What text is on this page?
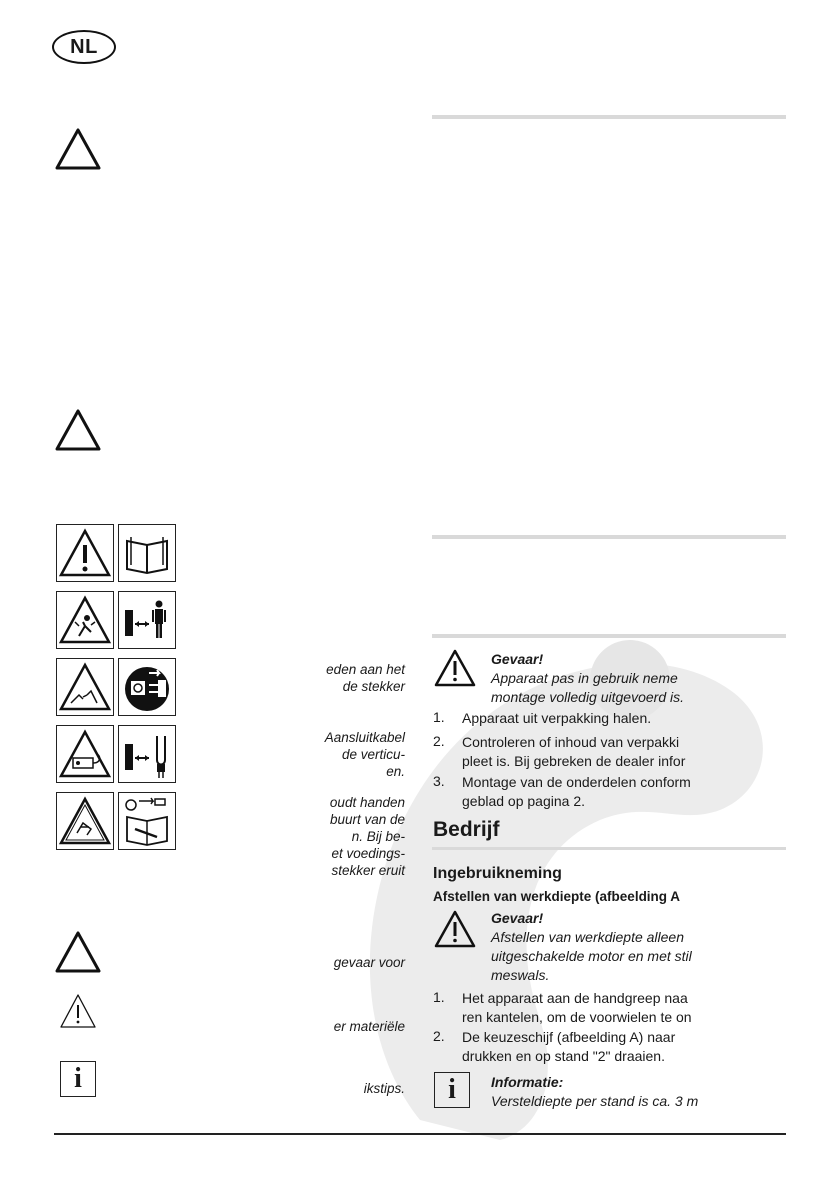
NL
eden aan het
de stekker
Aansluitkabel
de verticu-
en.
oudt handen
buurt van de
n. Bij be-
et voedings-
stekker eruit
gevaar voor
er materiële
ikstips.
i
Gevaar!
Apparaat pas in gebruik neme
montage volledig uitgevoerd is.
1. Apparaat uit verpakking halen.
2. Controleren of inhoud van verpakki
pleet is. Bij gebreken de dealer infor
3. Montage van de onderdelen conform
geblad op pagina 2.
Bedrijf
Ingebruikneming
Afstellen van werkdiepte (afbeelding A
Gevaar!
Afstellen van werkdiepte alleen
uitgeschakelde motor en met stil
meswals.
1. Het apparaat aan de handgreep naa
ren kantelen, om de voorwielen te on
2. De keuzeschijf (afbeelding A) naar
drukken en op stand "2" draaien.
i	Informatie:
Versteldiepte per stand is ca. 3 m
